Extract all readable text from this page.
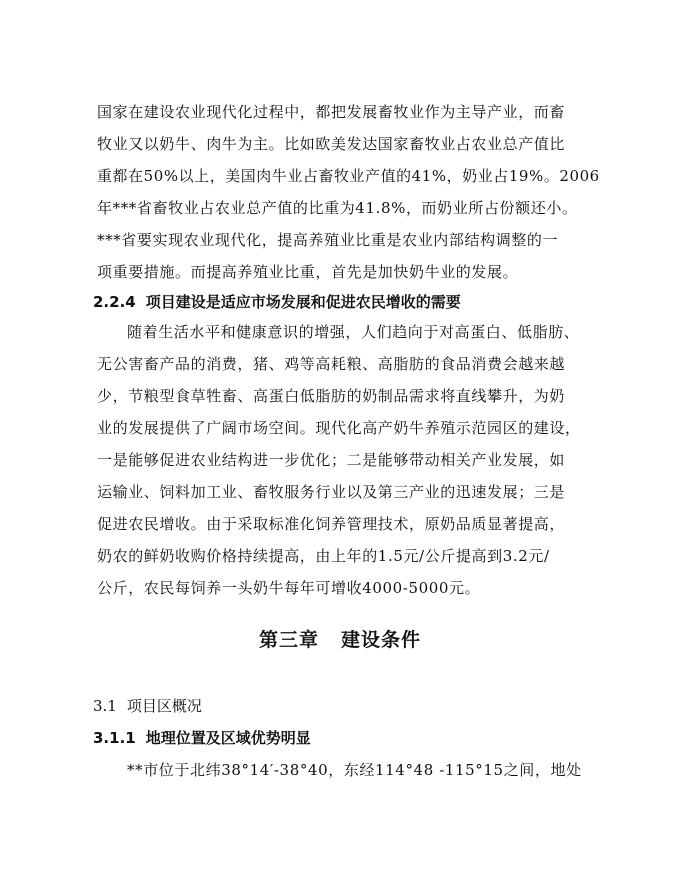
国家在建设农业现代化过程中，都把发展畜牧业作为主导产业，而畜
牧业又以奶牛、肉牛为主。比如欧美发达国家畜牧业占农业总产值比
重都在50%以上，美国肉牛业占畜牧业产值的41%，奶业占19%。2006
年***省畜牧业占农业总产值的比重为41.8%，而奶业所占份额还小。
***省要实现农业现代化，提高养殖业比重是农业内部结构调整的一
项重要措施。而提高养殖业比重，首先是加快奶牛业的发展。
2.2.4 项目建设是适应市场发展和促进农民增收的需要
随着生活水平和健康意识的增强，人们趋向于对高蛋白、低脂肪、
无公害畜产品的消费，猪、鸡等高耗粮、高脂肪的食品消费会越来越
少，节粮型食草牲畜、高蛋白低脂肪的奶制品需求将直线攀升，为奶
业的发展提供了广阔市场空间。现代化高产奶牛养殖示范园区的建设，
一是能够促进农业结构进一步优化；二是能够带动相关产业发展，如
运输业、饲料加工业、畜牧服务行业以及第三产业的迅速发展；三是
促进农民增收。由于采取标准化饲养管理技术，原奶品质显著提高，
奶农的鲜奶收购价格持续提高，由上年的1.5元/公斤提高到3.2元/
公斤，农民每饲养一头奶牛每年可增收4000-5000元。
第三章 建设条件
3.1 项目区概况
3.1.1 地理位置及区域优势明显
**市位于北纬38°14′-38°40，东经114°48 -115°15之间，地处
